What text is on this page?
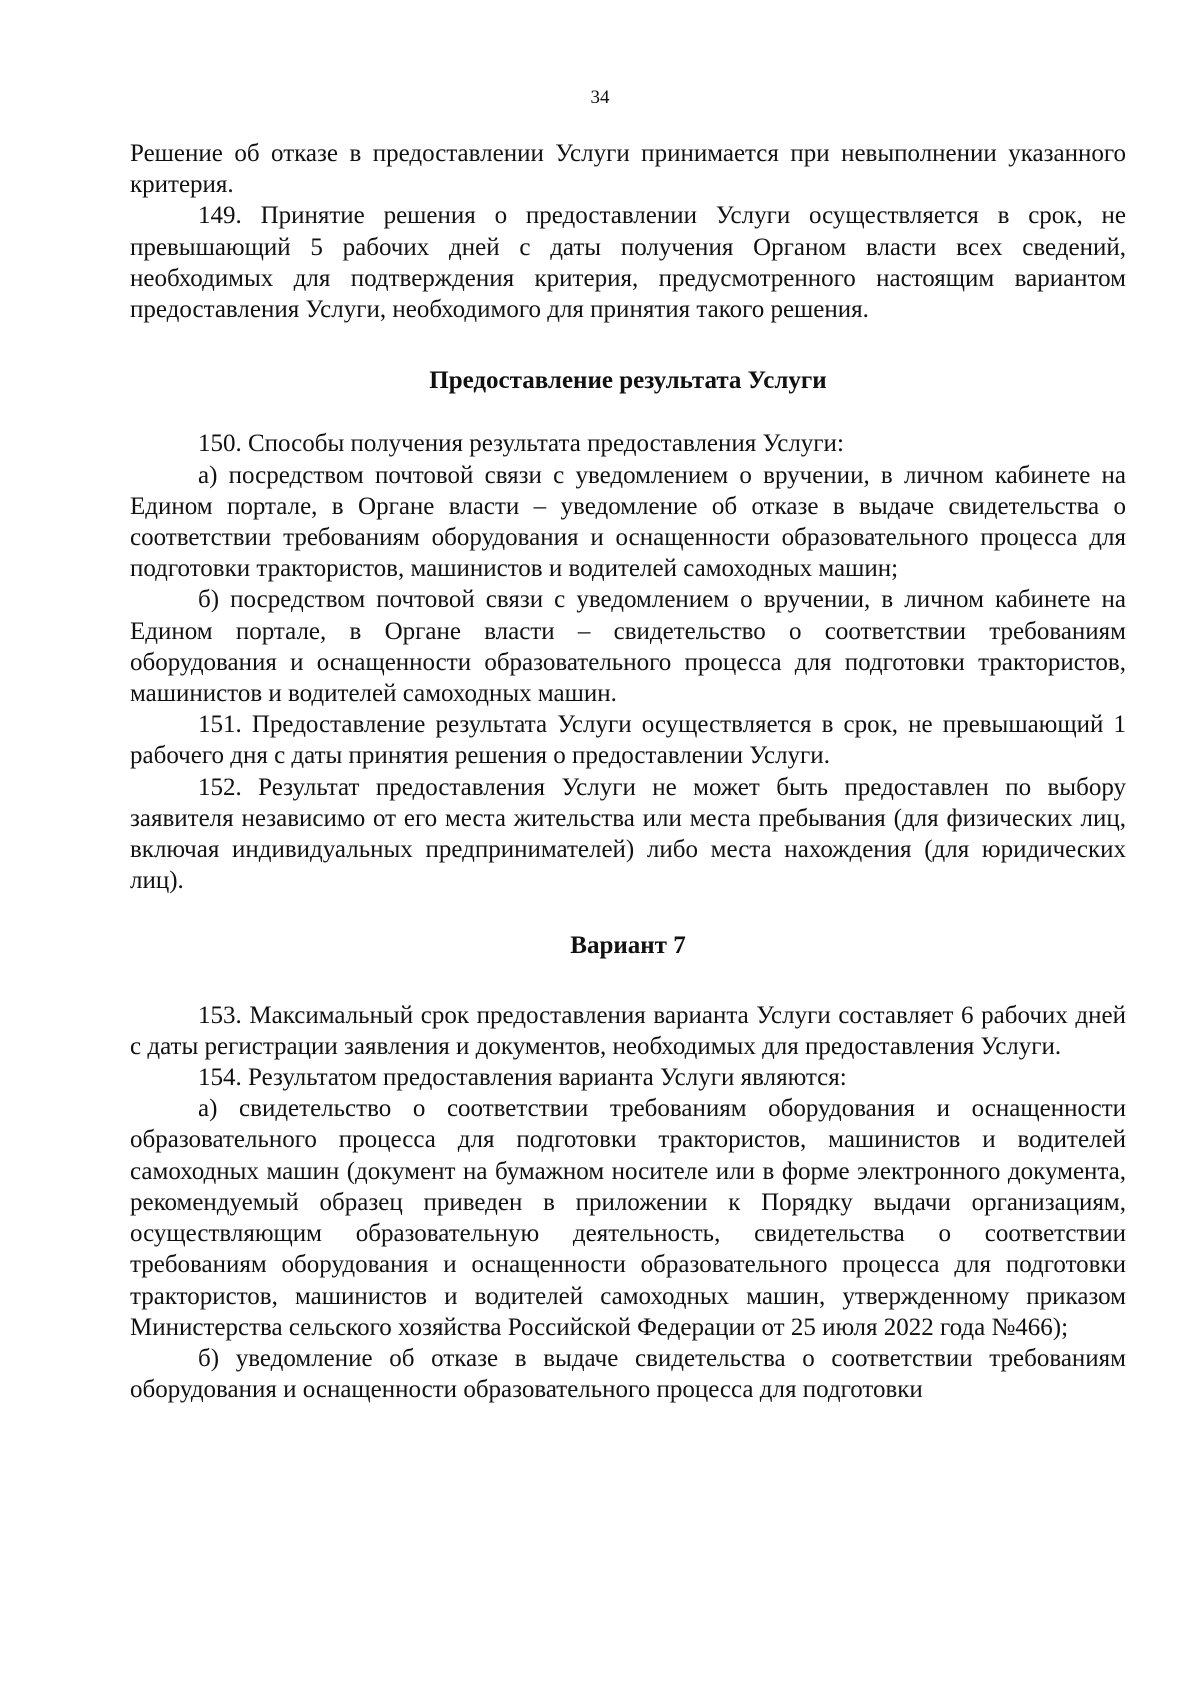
34

Решение об отказе в предоставлении Услуги принимается при невыполнении указанного критерия.

149. Принятие решения о предоставлении Услуги осуществляется в срок, не превышающий 5 рабочих дней с даты получения Органом власти всех сведений, необходимых для подтверждения критерия, предусмотренного настоящим вариантом предоставления Услуги, необходимого для принятия такого решения.

Предоставление результата Услуги

150. Способы получения результата предоставления Услуги:

а) посредством почтовой связи с уведомлением о вручении, в личном кабинете на Едином портале, в Органе власти – уведомление об отказе в выдаче свидетельства о соответствии требованиям оборудования и оснащенности образовательного процесса для подготовки трактористов, машинистов и водителей самоходных машин;

б) посредством почтовой связи с уведомлением о вручении, в личном кабинете на Едином портале, в Органе власти – свидетельство о соответствии требованиям оборудования и оснащенности образовательного процесса для подготовки трактористов, машинистов и водителей самоходных машин.

151. Предоставление результата Услуги осуществляется в срок, не превышающий 1 рабочего дня с даты принятия решения о предоставлении Услуги.

152. Результат предоставления Услуги не может быть предоставлен по выбору заявителя независимо от его места жительства или места пребывания (для физических лиц, включая индивидуальных предпринимателей) либо места нахождения (для юридических лиц).

Вариант 7

153. Максимальный срок предоставления варианта Услуги составляет 6 рабочих дней с даты регистрации заявления и документов, необходимых для предоставления Услуги.

154. Результатом предоставления варианта Услуги являются:

а) свидетельство о соответствии требованиям оборудования и оснащенности образовательного процесса для подготовки трактористов, машинистов и водителей самоходных машин (документ на бумажном носителе или в форме электронного документа, рекомендуемый образец приведен в приложении к Порядку выдачи организациям, осуществляющим образовательную деятельность, свидетельства о соответствии требованиям оборудования и оснащенности образовательного процесса для подготовки трактористов, машинистов и водителей самоходных машин, утвержденному приказом Министерства сельского хозяйства Российской Федерации от 25 июля 2022 года №466);

б) уведомление об отказе в выдаче свидетельства о соответствии требованиям оборудования и оснащенности образовательного процесса для подготовки
